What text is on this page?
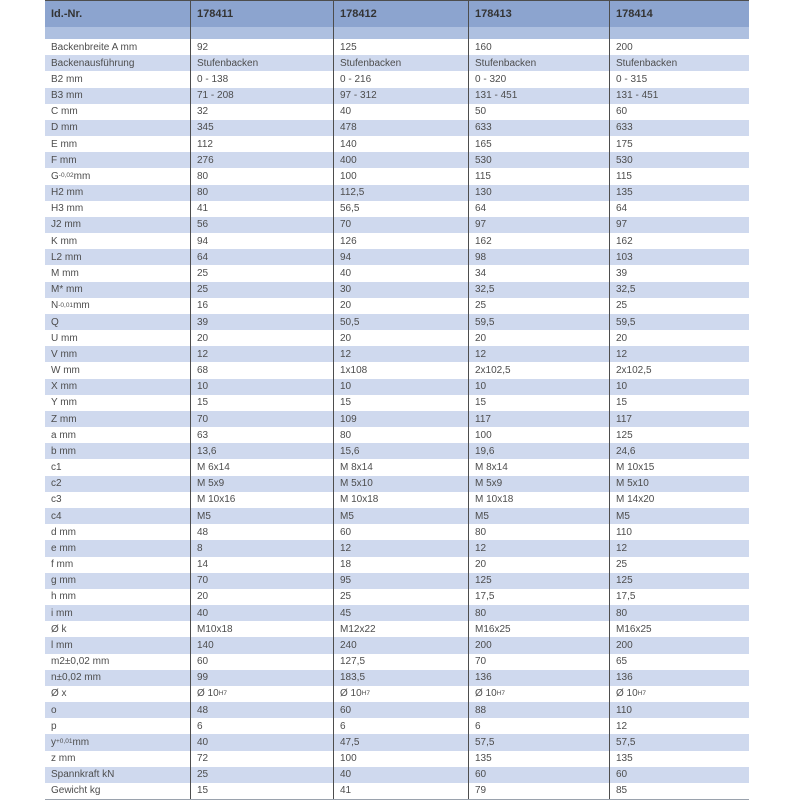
Id.-Nr.	178411	178412	178413	178414
Backenbreite A mm	92	125	160	200
Backenausführung	Stufenbacken	Stufenbacken	Stufenbacken	Stufenbacken
B2 mm	0 - 138	0 - 216	0 - 320	0 - 315
B3 mm	71 - 208	97 - 312	131 - 451	131 - 451
C mm	32	40	50	60
D mm	345	478	633	633
E mm	112	140	165	175
F mm	276	400	530	530
G -0,02 mm	80	100	115	115
H2 mm	80	112,5	130	135
H3 mm	41	56,5	64	64
J2 mm	56	70	97	97
K mm	94	126	162	162
L2 mm	64	94	98	103
M mm	25	40	34	39
M* mm	25	30	32,5	32,5
N -0,01 mm	16	20	25	25
Q	39	50,5	59,5	59,5
U mm	20	20	20	20
V mm	12	12	12	12
W mm	68	1x108	2x102,5	2x102,5
X mm	10	10	10	10
Y mm	15	15	15	15
Z mm	70	109	117	117
a mm	63	80	100	125
b mm	13,6	15,6	19,6	24,6
c1	M 6x14	M 8x14	M 8x14	M 10x15
c2	M 5x9	M 5x10	M 5x9	M 5x10
c3	M 10x16	M 10x18	M 10x18	M 14x20
c4	M5	M5	M5	M5
d mm	48	60	80	110
e mm	8	12	12	12
f mm	14	18	20	25
g mm	70	95	125	125
h mm	20	25	17,5	17,5
i mm	40	45	80	80
Ø k	M10x18	M12x22	M16x25	M16x25
l mm	140	240	200	200
m2±0,02 mm	60	127,5	70	65
n±0,02 mm	99	183,5	136	136
Ø x	Ø 10 H7	Ø 10 H7	Ø 10 H7	Ø 10 H7
o	48	60	88	110
p	6	6	6	12
y +0,01 mm	40	47,5	57,5	57,5
z mm	72	100	135	135
Spannkraft kN	25	40	60	60
Gewicht kg	15	41	79	85
